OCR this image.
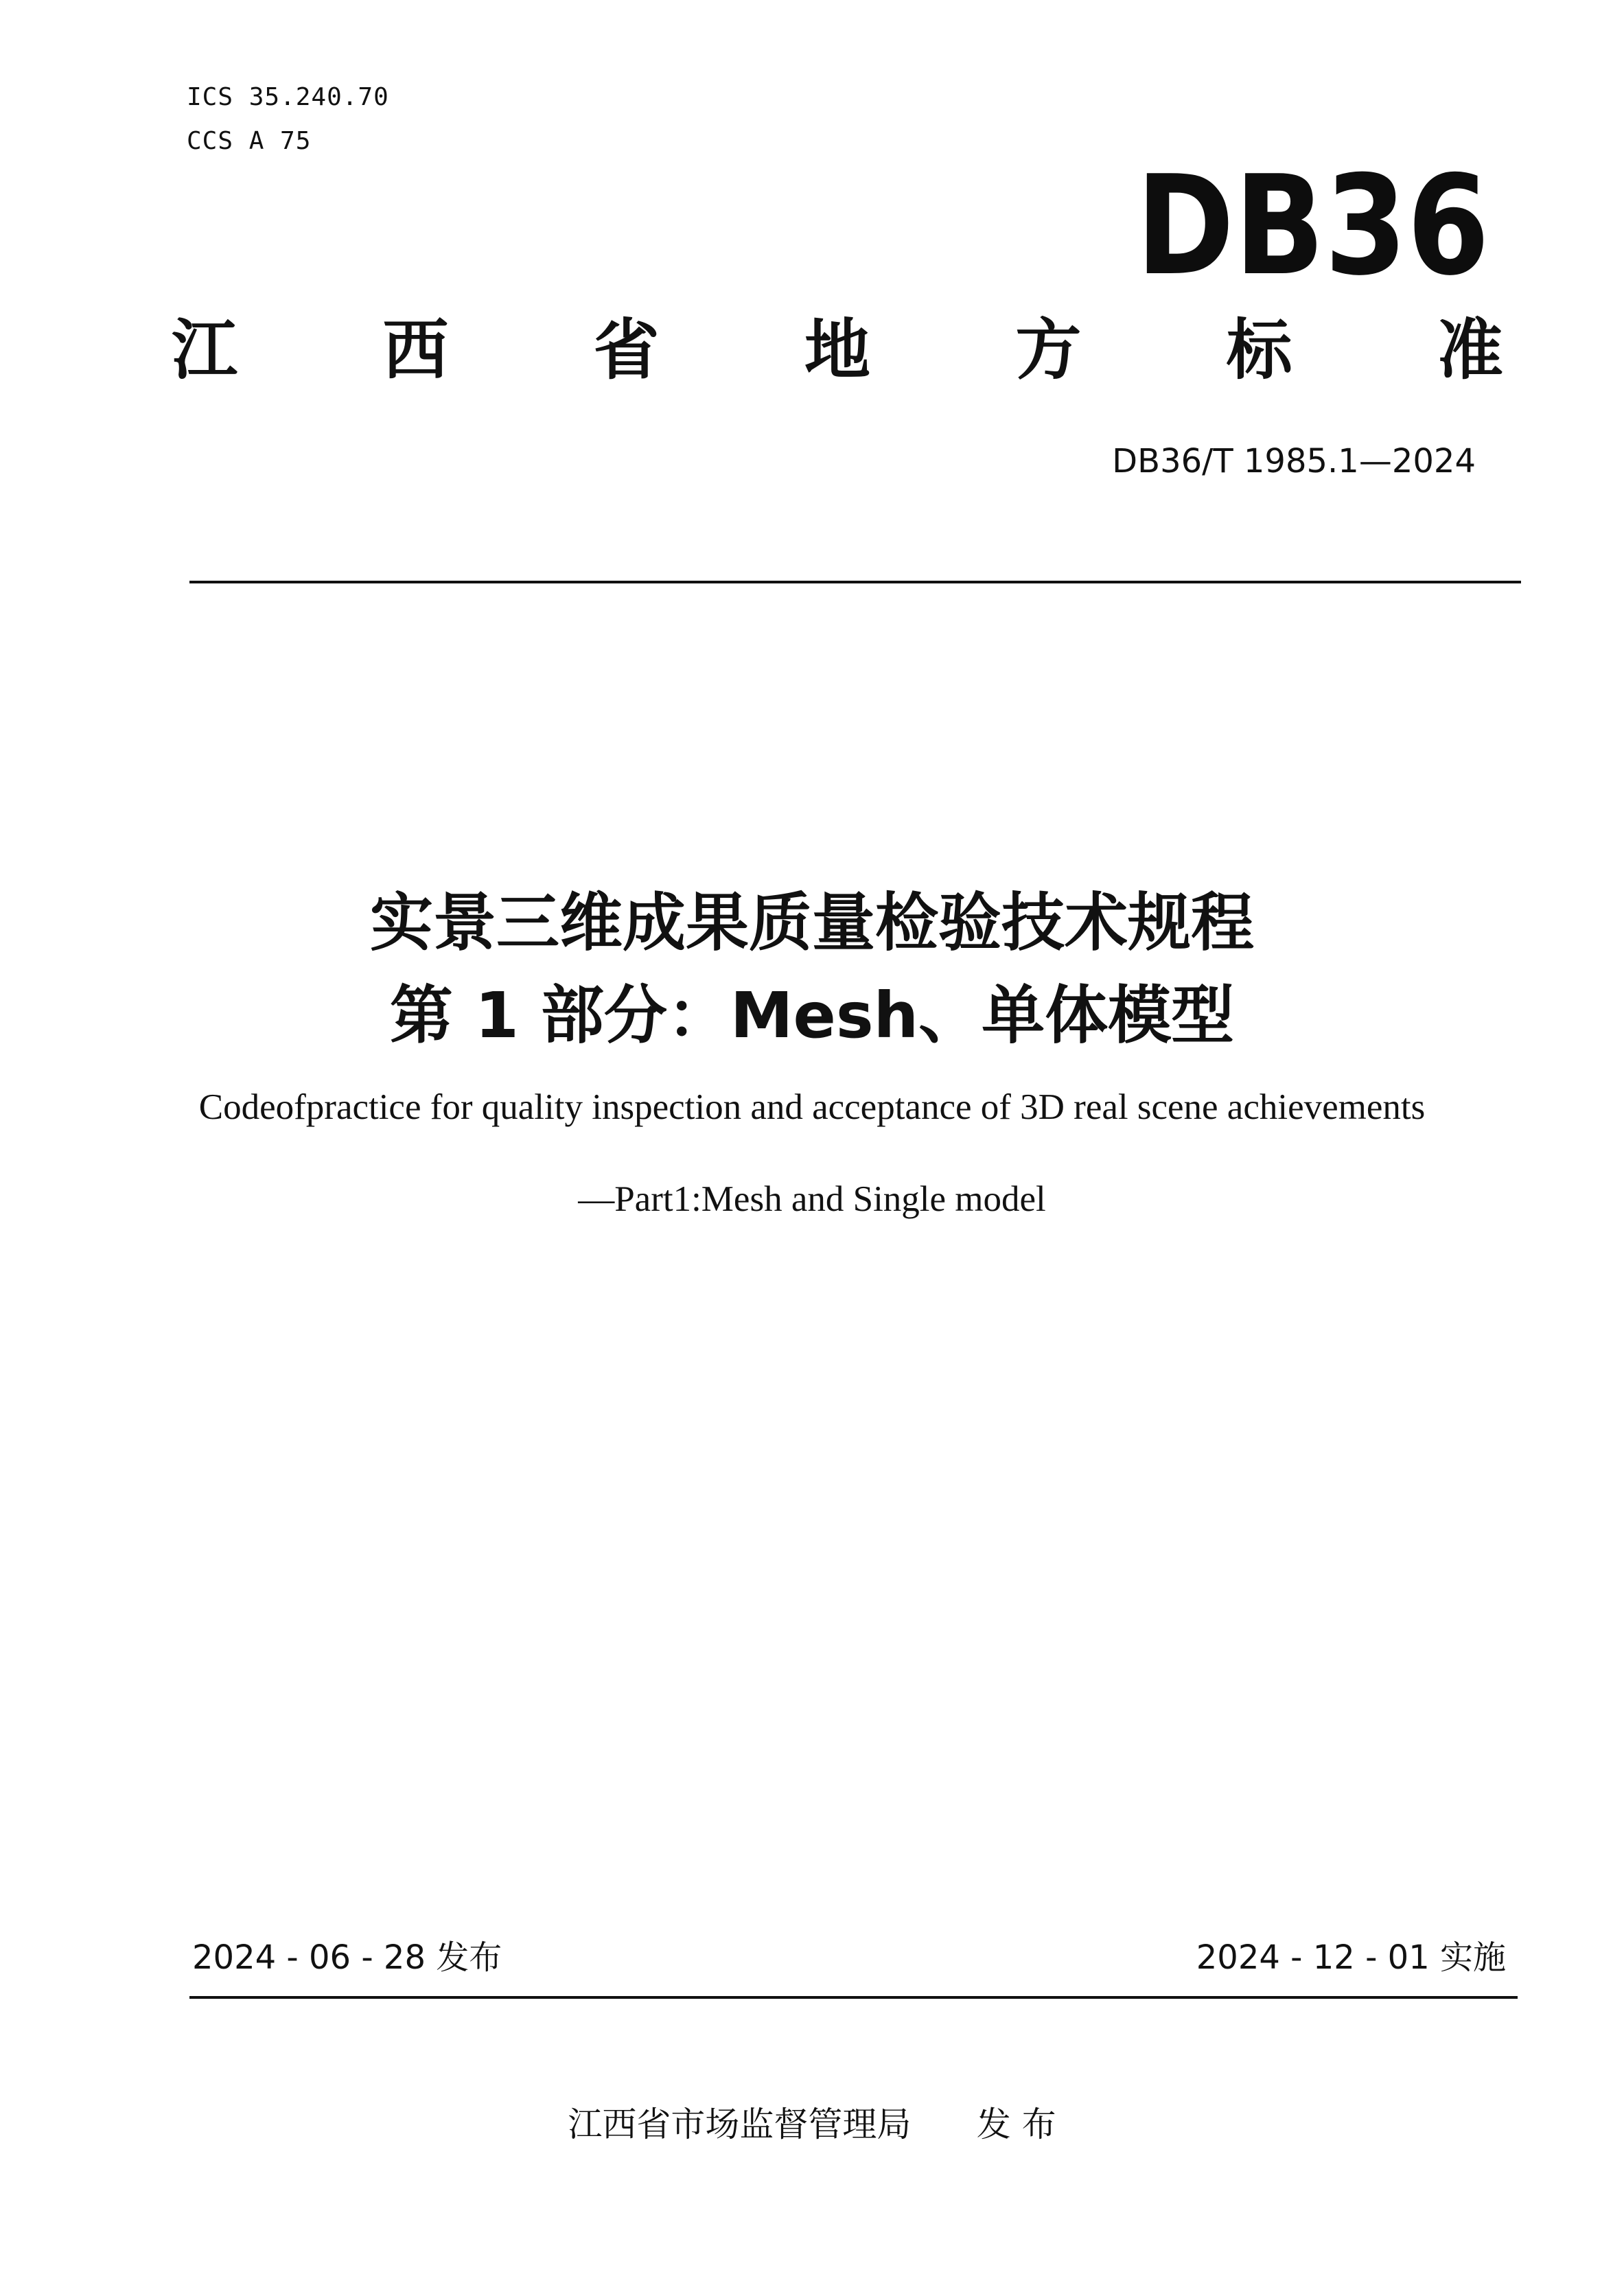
ICS 35.240.70
CCS A 75
DB36
江 西 省 地 方 标 准
DB36/T 1985.1—2024
实景三维成果质量检验技术规程
第 1 部分：Mesh、单体模型
Codeofpractice for quality inspection and acceptance of 3D real scene achievements
—Part1:Mesh and Single model
2024 - 06 - 28 发布	2024 - 12 - 01 实施
江西省市场监督管理局      发 布
